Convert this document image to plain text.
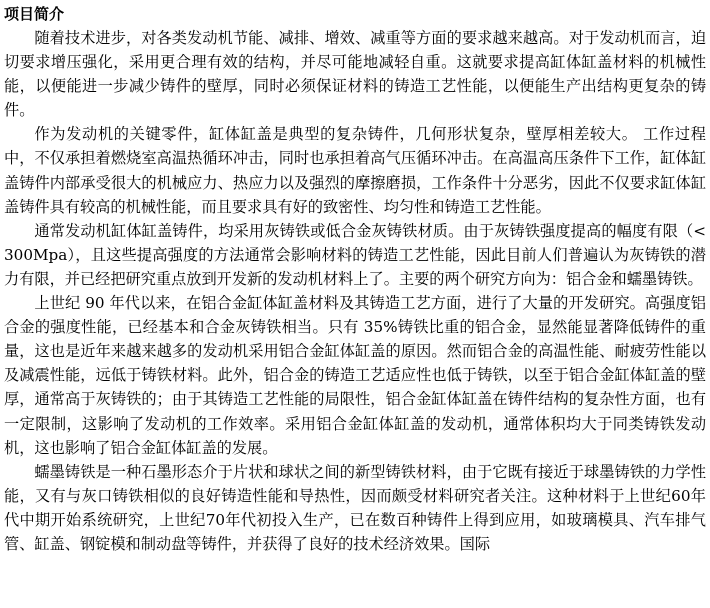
项目简介

随着技术进步，对各类发动机节能、减排、增效、减重等方面的要求越来越高。对于发动机而言，迫切要求增压强化，采用更合理有效的结构，并尽可能地减轻自重。这就要求提高缸体缸盖材料的机械性能，以便能进一步减少铸件的壁厚，同时必须保证材料的铸造工艺性能，以便能生产出结构更复杂的铸件。

作为发动机的关键零件，缸体缸盖是典型的复杂铸件，几何形状复杂，壁厚相差较大。 工作过程中，不仅承担着燃烧室高温热循环冲击，同时也承担着高气压循环冲击。在高温高压条件下工作，缸体缸盖铸件内部承受很大的机械应力、热应力以及强烈的摩擦磨损，工作条件十分恶劣，因此不仅要求缸体缸盖铸件具有较高的机械性能，而且要求具有好的致密性、均匀性和铸造工艺性能。

通常发动机缸体缸盖铸件，均采用灰铸铁或低合金灰铸铁材质。由于灰铸铁强度提高的幅度有限（<300Mpa），且这些提高强度的方法通常会影响材料的铸造工艺性能，因此目前人们普遍认为灰铸铁的潜力有限，并已经把研究重点放到开发新的发动机材料上了。主要的两个研究方向为：铝合金和蠕墨铸铁。

上世纪 90 年代以来，在铝合金缸体缸盖材料及其铸造工艺方面，进行了大量的开发研究。高强度铝合金的强度性能，已经基本和合金灰铸铁相当。只有 35%铸铁比重的铝合金，显然能显著降低铸件的重量，这也是近年来越来越多的发动机采用铝合金缸体缸盖的原因。然而铝合金的高温性能、耐疲劳性能以及减震性能，远低于铸铁材料。此外，铝合金的铸造工艺适应性也低于铸铁，以至于铝合金缸体缸盖的壁厚，通常高于灰铸铁的；由于其铸造工艺性能的局限性，铝合金缸体缸盖在铸件结构的复杂性方面，也有一定限制，这影响了发动机的工作效率。采用铝合金缸体缸盖的发动机，通常体积均大于同类铸铁发动机，这也影响了铝合金缸体缸盖的发展。

蠕墨铸铁是一种石墨形态介于片状和球状之间的新型铸铁材料，由于它既有接近于球墨铸铁的力学性能，又有与灰口铸铁相似的良好铸造性能和导热性，因而颇受材料研究者关注。这种材料于上世纪60年代中期开始系统研究，上世纪70年代初投入生产，已在数百种铸件上得到应用，如玻璃模具、汽车排气管、缸盖、钢锭模和制动盘等铸件，并获得了良好的技术经济效果。国际
